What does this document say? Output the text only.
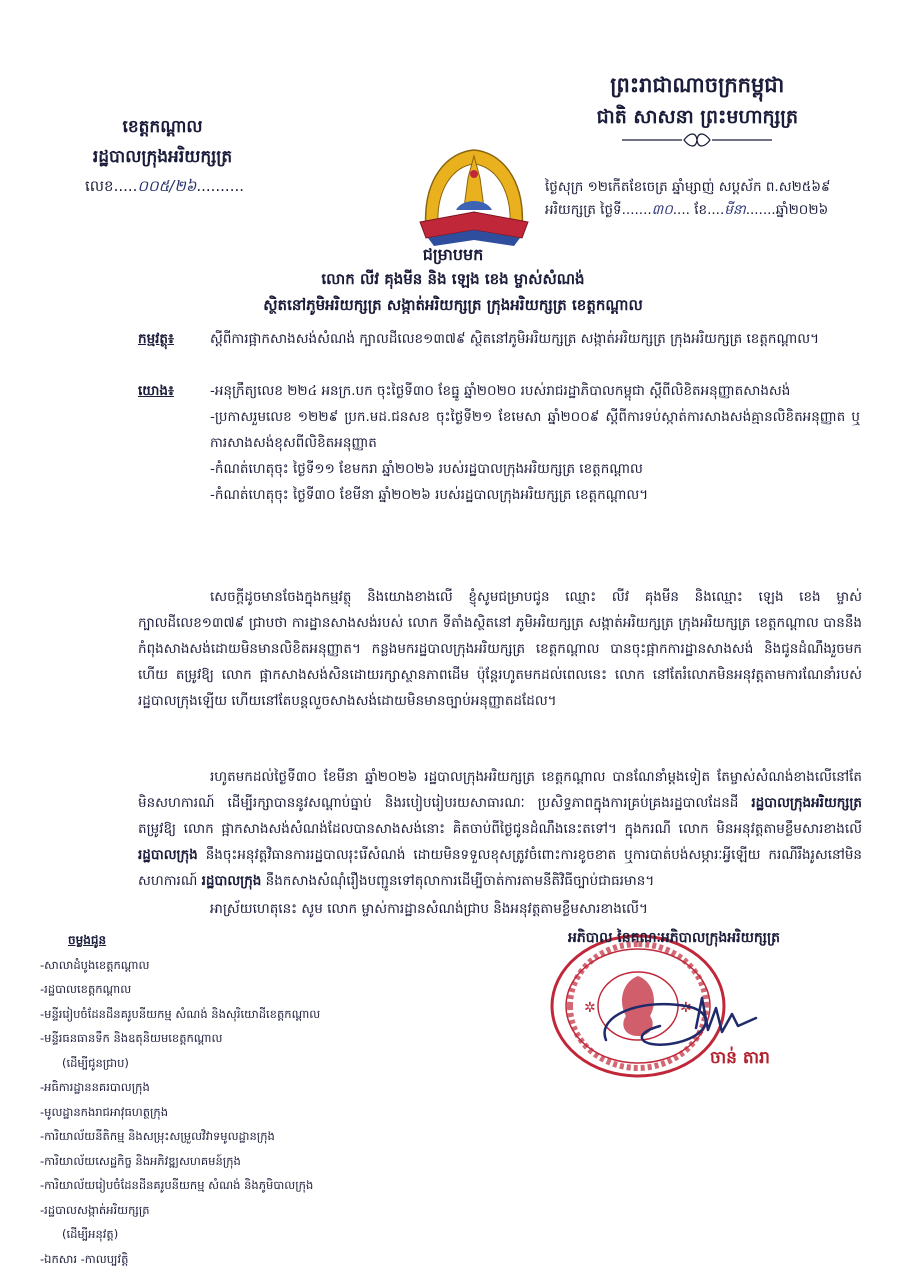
ព្រះរាជាណាចក្រកម្ពុជា
ជាតិ សាសនា ព្រះមហាក្សត្រ
ខេត្តកណ្ដាល
រដ្ឋបាលក្រុងអរិយក្សត្រ
លេខ.....០០៥/២៦..........	ថ្ងៃសុក្រ ១២កើតខែចេត្រ ឆ្នាំម្សាញ់ សប្ដស័ក ព.ស២៥៦៩
អរិយក្សត្រ ថ្ងៃទី.......៣០.... ខែ....មីនា.......ឆ្នាំ២០២៦
ជម្រាបមក
លោក លីវ គុងមីន និង ឡេង ខេង ម្ចាស់សំណង់
ស្ថិតនៅភូមិអរិយក្សត្រ សង្កាត់អរិយក្សត្រ ក្រុងអរិយក្សត្រ ខេត្តកណ្ដាល
កម្មវត្ថុ៖	ស្ដីពីការផ្អាកសាងសង់សំណង់ ក្បាលដីលេខ១៣៧៩ ស្ថិតនៅភូមិអរិយក្សត្រ សង្កាត់អរិយក្សត្រ ក្រុងអរិយក្សត្រ ខេត្តកណ្ដាល។
យោង៖	-អនុក្រឹត្យលេខ ២២៤ អនក្រ.បក ចុះថ្ងៃទី៣០ ខែធ្នូ ឆ្នាំ២០២០ របស់រាជរដ្ឋាភិបាលកម្ពុជា ស្ដីពីលិខិតអនុញ្ញាតសាងសង់
-ប្រកាសរួមលេខ ១២២៩ ប្រក.មដ.ជនសខ ចុះថ្ងៃទី២១ ខែមេសា ឆ្នាំ២០០៩ ស្ដីពីការទប់ស្កាត់ការសាងសង់គ្មានលិខិតអនុញ្ញាត ឬការសាងសង់ខុសពីលិខិតអនុញ្ញាត
-កំណត់ហេតុចុះ ថ្ងៃទី១១ ខែមករា ឆ្នាំ២០២៦ របស់រដ្ឋបាលក្រុងអរិយក្សត្រ ខេត្តកណ្ដាល
-កំណត់ហេតុចុះ ថ្ងៃទី៣០ ខែមីនា ឆ្នាំ២០២៦ របស់រដ្ឋបាលក្រុងអរិយក្សត្រ ខេត្តកណ្ដាល។
សេចក្ដីដូចមានចែងក្នុងកម្មវត្ថុ និងយោងខាងលើ ខ្ញុំសូមជម្រាបជូន ឈ្មោះ លីវ គុងមីន និងឈ្មោះ ឡេង ខេង ម្ចាស់ក្បាលដីលេខ១៣៧៩ ជ្រាបថា ការដ្ឋានសាងសង់របស់ លោក ទីតាំងស្ថិតនៅ ភូមិអរិយក្សត្រ សង្កាត់អរិយក្សត្រ ក្រុងអរិយក្សត្រ ខេត្តកណ្ដាល បាននឹងកំពុងសាងសង់ដោយមិនមានលិខិតអនុញ្ញាត។ កន្លងមករដ្ឋបាលក្រុងអរិយក្សត្រ ខេត្តកណ្ដាល បានចុះផ្អាកការដ្ឋានសាងសង់ និងជូនដំណឹងរួចមកហើយ តម្រូវឱ្យ លោក ផ្អាកសាងសង់សិនដោយរក្សាស្ថានភាពដើម ប៉ុន្តែរហូតមកដល់ពេលនេះ លោក នៅតែរំលោភមិនអនុវត្តតាមការណែនាំរបស់រដ្ឋបាលក្រុងឡើយ ហើយនៅតែបន្តលួចសាងសង់ដោយមិនមានច្បាប់អនុញ្ញាតដដែល។
រហូតមកដល់ថ្ងៃទី៣០ ខែមីនា ឆ្នាំ២០២៦ រដ្ឋបាលក្រុងអរិយក្សត្រ ខេត្តកណ្ដាល បានណែនាំម្ដងទៀត តែម្ចាស់សំណង់ខាងលើនៅតែមិនសហការណ៍ ដើម្បីរក្សាបាននូវសណ្ដាប់ធ្នាប់ និងរបៀបរៀបរយសាធារណៈ ប្រសិទ្ធភាពក្នុងការគ្រប់គ្រងរដ្ឋបាលដែនដី រដ្ឋបាលក្រុងអរិយក្សត្រ តម្រូវឱ្យ លោក ផ្អាកសាងសង់សំណង់ដែលបានសាងសង់នោះ គិតចាប់ពីថ្ងៃជូនដំណឹងនេះតទៅ។ ក្នុងករណី លោក មិនអនុវត្តតាមខ្លឹមសារខាងលើ រដ្ឋបាលក្រុង នឹងចុះអនុវត្តវិធានការរដ្ឋបាលរុះរើសំណង់ ដោយមិនទទួលខុសត្រូវចំពោះការខូចខាត ឬការបាត់បង់សម្ភារៈអ្វីឡើយ ករណីរឹងរូសនៅមិនសហការណ៍ រដ្ឋបាលក្រុង នឹងកសាងសំណុំរឿងបញ្ជូនទៅតុលាការដើម្បីចាត់ការតាមនីតិវិធីច្បាប់ជាធរមាន។
អាស្រ័យហេតុនេះ សូម លោក ម្ចាស់ការដ្ឋានសំណង់ជ្រាប និងអនុវត្តតាមខ្លឹមសារខាងលើ។
ចម្លងជូន
-សាលាដំបូងខេត្តកណ្ដាល
-រដ្ឋបាលខេត្តកណ្ដាល
-មន្ទីររៀបចំដែនដីនគរូបនីយកម្ម សំណង់ និងសុរិយោដីខេត្តកណ្ដាល
-មន្ទីរធនធានទឹក និងឧតុនិយមខេត្តកណ្ដាល
(ដើម្បីជូនជ្រាប)
-អធិការដ្ឋាននគរបាលក្រុង
-មូលដ្ឋានកងរាជអាវុធហត្ថក្រុង
-ការិយាល័យនីតិកម្ម និងសម្រុះសម្រួលវិវាទមូលដ្ឋានក្រុង
-ការិយាល័យសេដ្ឋកិច្ច និងអភិវឌ្ឍសហគមន៍ក្រុង
-ការិយាល័យរៀបចំដែនដីនគរូបនីយកម្ម សំណង់ និងភូមិបាលក្រុង
-រដ្ឋបាលសង្កាត់អរិយក្សត្រ
(ដើម្បីអនុវត្ត)
-ឯកសារ -កាលប្បវត្តិ
✲	✲
អភិបាល នៃគណៈអភិបាលក្រុងអរិយក្សត្រ
ចាន់ តារា
